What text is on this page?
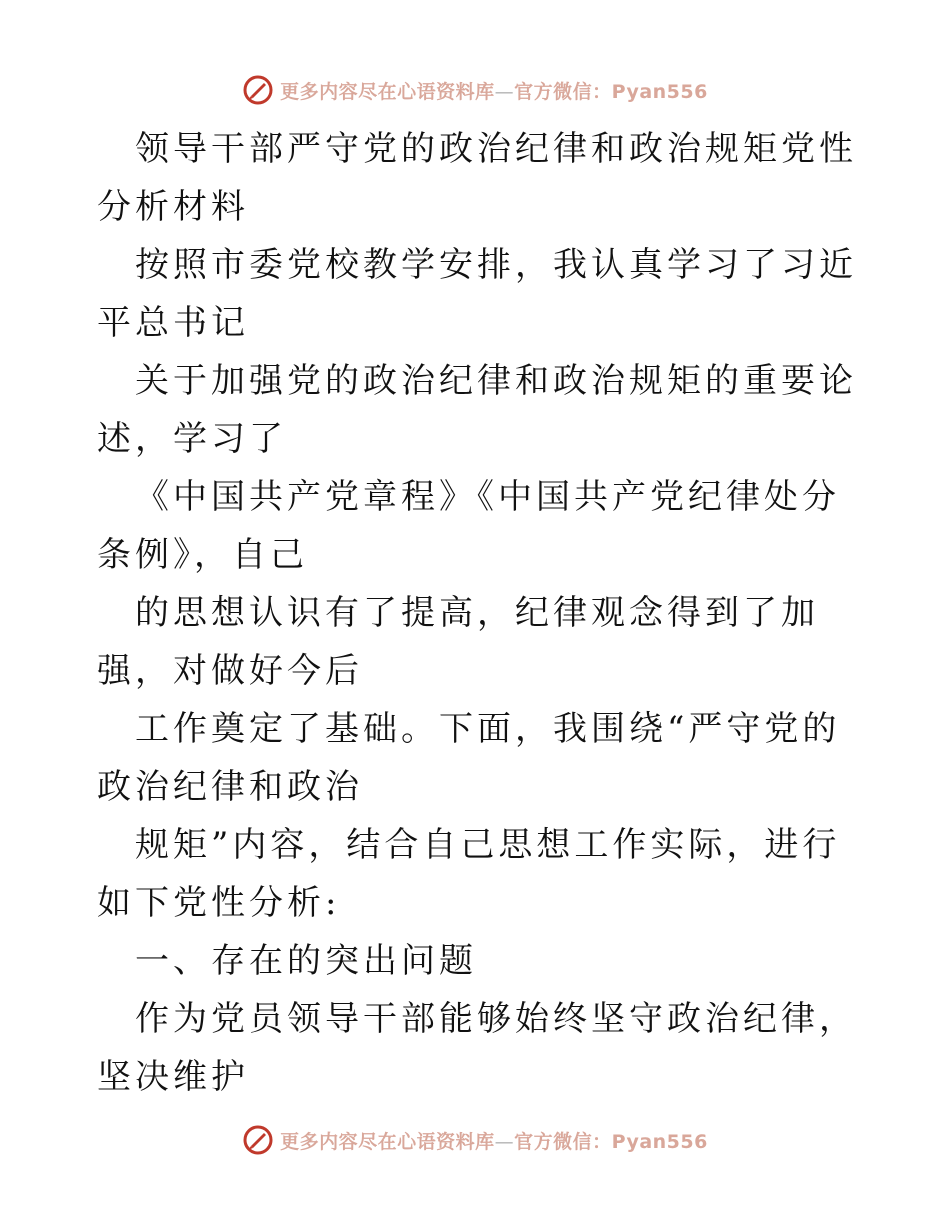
更多内容尽在心语资料库—官方微信：Pyan556

领导干部严守党的政治纪律和政治规矩党性分析材料

按照市委党校教学安排，我认真学习了习近平总书记

关于加强党的政治纪律和政治规矩的重要论述，学习了

《中国共产党章程》《中国共产党纪律处分条例》，自己

的思想认识有了提高，纪律观念得到了加强，对做好今后

工作奠定了基础。下面，我围绕“严守党的政治纪律和政治

规矩”内容，结合自己思想工作实际，进行如下党性分析:

一、存在的突出问题

作为党员领导干部能够始终坚守政治纪律，坚决维护

更多内容尽在心语资料库—官方微信：Pyan556
